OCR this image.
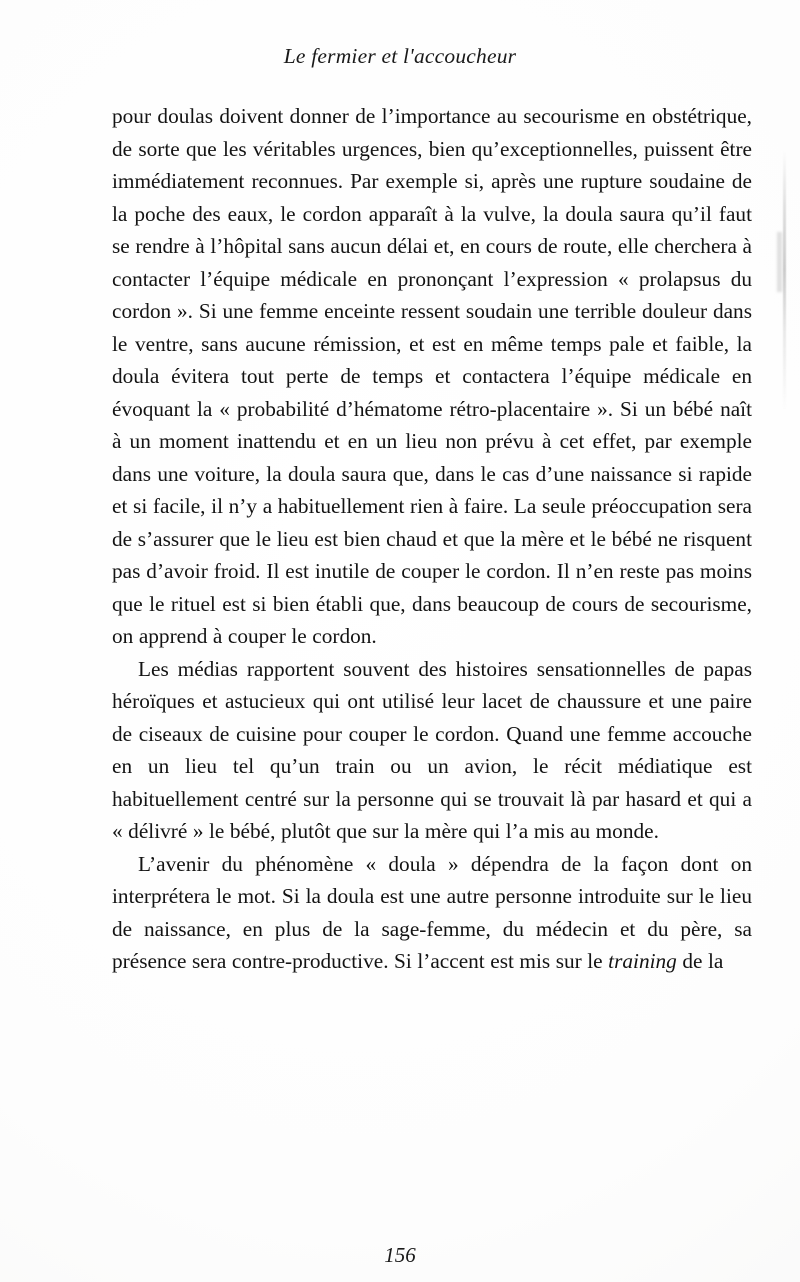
Le fermier et l'accoucheur

pour doulas doivent donner de l’importance au secourisme en obstétrique, de sorte que les véritables urgences, bien qu’exceptionnelles, puissent être immédiatement reconnues. Par exemple si, après une rupture soudaine de la poche des eaux, le cordon apparaît à la vulve, la doula saura qu’il faut se rendre à l’hôpital sans aucun délai et, en cours de route, elle cherchera à contacter l’équipe médicale en prononçant l’expression « prolapsus du cordon ». Si une femme enceinte ressent soudain une terrible douleur dans le ventre, sans aucune rémission, et est en même temps pale et faible, la doula évitera tout perte de temps et contactera l’équipe médicale en évoquant la « probabilité d’hématome rétro-placentaire ». Si un bébé naît à un moment inattendu et en un lieu non prévu à cet effet, par exemple dans une voiture, la doula saura que, dans le cas d’une naissance si rapide et si facile, il n’y a habituellement rien à faire. La seule préoccupation sera de s’assurer que le lieu est bien chaud et que la mère et le bébé ne risquent pas d’avoir froid. Il est inutile de couper le cordon. Il n’en reste pas moins que le rituel est si bien établi que, dans beaucoup de cours de secourisme, on apprend à couper le cordon.

Les médias rapportent souvent des histoires sensationnelles de papas héroïques et astucieux qui ont utilisé leur lacet de chaussure et une paire de ciseaux de cuisine pour couper le cordon. Quand une femme accouche en un lieu tel qu’un train ou un avion, le récit médiatique est habituellement centré sur la personne qui se trouvait là par hasard et qui a « délivré » le bébé, plutôt que sur la mère qui l’a mis au monde.

L’avenir du phénomène « doula » dépendra de la façon dont on interprétera le mot. Si la doula est une autre personne introduite sur le lieu de naissance, en plus de la sage-femme, du médecin et du père, sa présence sera contre-productive. Si l’accent est mis sur le training de la

156
